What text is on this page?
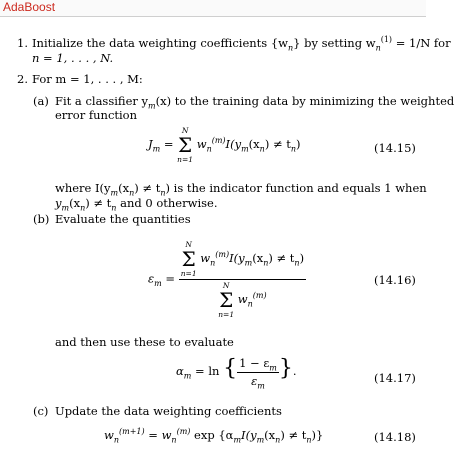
AdaBoost
1. Initialize the data weighting coefficients $\{w_n\}$ by setting $w_n^{(1)} = 1/N$ for
n = 1, . . . , N.
2. For m = 1, . . . , M:
(a) Fit a classifier $y_m(x)$ to the training data by minimizing the weighted
error function
$J_m$ =
N
Σ
n=1
$w_n^{(m)}I(y_m(x_n) \ne t_n)$	(14.15)
where $I(y_m(x_n) \ne t_n)$ is the indicator function and equals 1 when
$y_m(x_n) \ne t_n$ and 0 otherwise.
(b) Evaluate the quantities
$\varepsilon_m = N$
Σ
n=1
$w_n^{(m)}I(y_m(x_n) \ne t_n)$
N
Σ
n=1
$w_n^{(m)}$	(14.16)
and then use these to evaluate
$\alpha_m = \ln$ { $\frac{1 - \varepsilon_m}{\varepsilon_m}$ }.	(14.17)
(c) Update the data weighting coefficients
$w_n^{(m+1)} = w_n^{(m)}$ $\exp \{\alpha_mI(y_m(x_n) \ne t_n)\}$	(14.18)
